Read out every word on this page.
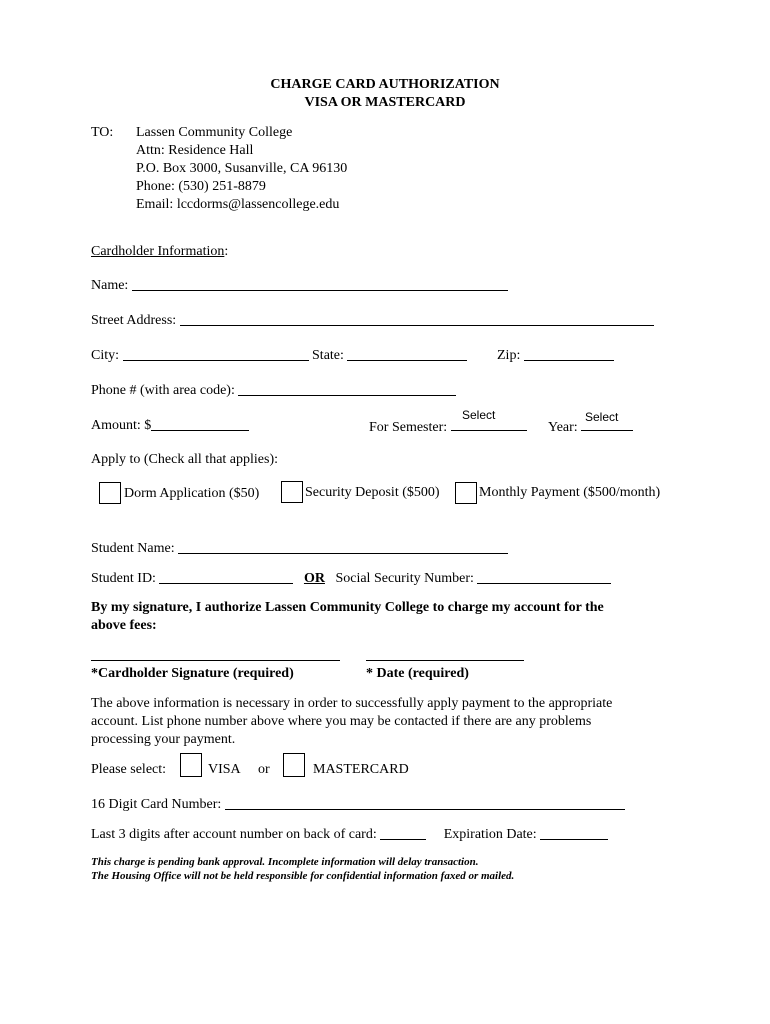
CHARGE CARD AUTHORIZATION
VISA OR MASTERCARD
TO: Lassen Community College
Attn: Residence Hall
P.O. Box 3000, Susanville, CA 96130
Phone: (530) 251-8879
Email: lccdorms@lassencollege.edu
Cardholder Information:
Name:
Street Address:
City:	State:	Zip:
Phone # (with area code):
Amount: $
Select
For Semester:
Select
Year:
Apply to (Check all that applies):
Dorm Application ($50)	Security Deposit ($500)	Monthly Payment ($500/month)
Student Name:
Student ID:	OR Social Security Number:
By my signature, I authorize Lassen Community College to charge my account for the
above fees:
*Cardholder Signature (required)	* Date (required)
The above information is necessary in order to successfully apply payment to the appropriate
account. List phone number above where you may be contacted if there are any problems
processing your payment.
Please select:	VISA or	MASTERCARD
16 Digit Card Number:
Last 3 digits after account number on back of card:	Expiration Date:
This charge is pending bank approval. Incomplete information will delay transaction.
The Housing Office will not be held responsible for confidential information faxed or mailed.
